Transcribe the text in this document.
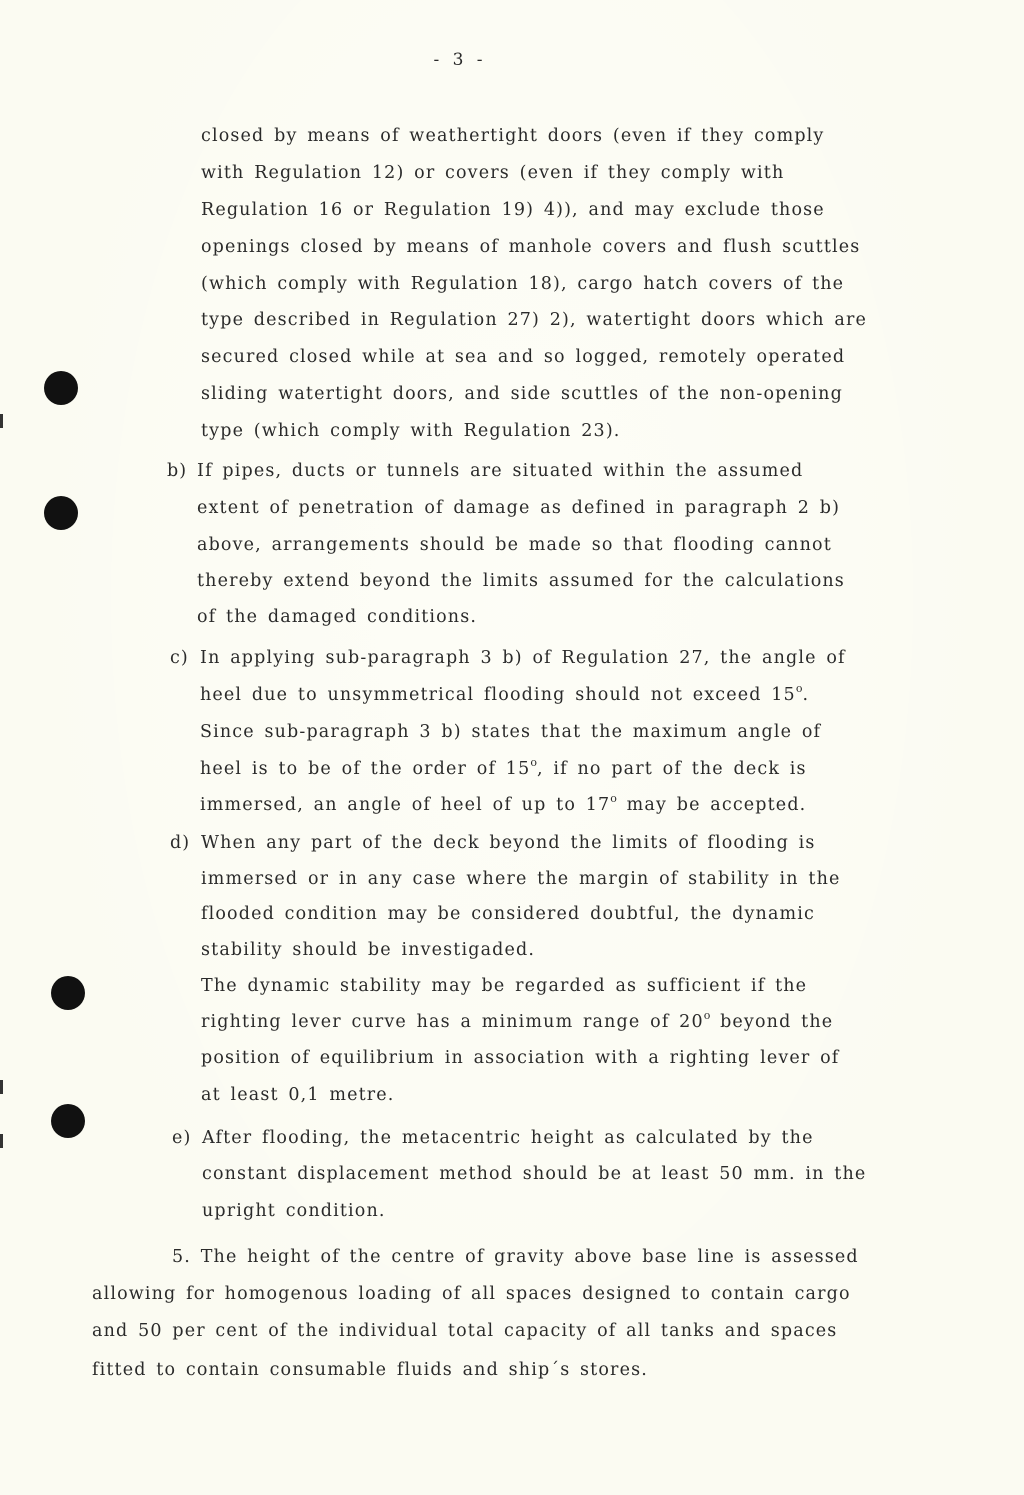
- 3 -
closed by means of weathertight doors (even if they comply
with Regulation 12) or covers (even if they comply with
Regulation 16 or Regulation 19) 4)), and may exclude those
openings closed by means of manhole covers and flush scuttles
(which comply with Regulation 18), cargo hatch covers of the
type described in Regulation 27) 2), watertight doors which are
secured closed while at sea and so logged, remotely operated
sliding watertight doors, and side scuttles of the non-opening
type (which comply with Regulation 23).
b) If pipes, ducts or tunnels are situated within the assumed
extent of penetration of damage as defined in paragraph 2 b)
above, arrangements should be made so that flooding cannot
thereby extend beyond the limits assumed for the calculations
of the damaged conditions.
c) In applying sub-paragraph 3 b) of Regulation 27, the angle of
heel due to unsymmetrical flooding should not exceed 15$^o$.
Since sub-paragraph 3 b) states that the maximum angle of
heel is to be of the order of 15$^o$, if no part of the deck is
immersed, an angle of heel of up to 17$^o$ may be accepted.
d) When any part of the deck beyond the limits of flooding is
immersed or in any case where the margin of stability in the
flooded condition may be considered doubtful, the dynamic
stability should be investigaded.
The dynamic stability may be regarded as sufficient if the
righting lever curve has a minimum range of 20$^o$ beyond the
position of equilibrium in association with a righting lever of
at least 0,1 metre.
e) After flooding, the metacentric height as calculated by the
constant displacement method should be at least 50 mm. in the
upright condition.
5. The height of the centre of gravity above base line is assessed
allowing for homogenous loading of all spaces designed to contain cargo
and 50 per cent of the individual total capacity of all tanks and spaces
fitted to contain consumable fluids and ship´s stores.
